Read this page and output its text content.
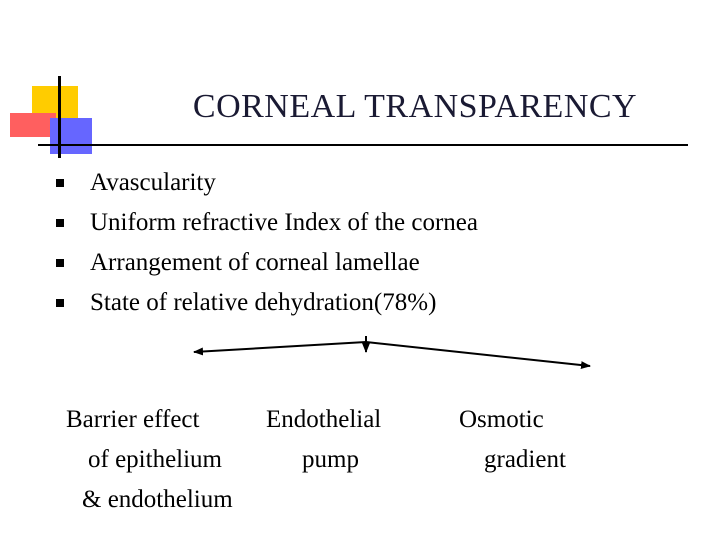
CORNEAL TRANSPARENCY
Avascularity
Uniform refractive Index of the cornea
Arrangement of corneal lamellae
State of relative dehydration(78%)
Barrier effect
of epithelium
& endothelium
Endothelial
pump
Osmotic
gradient
